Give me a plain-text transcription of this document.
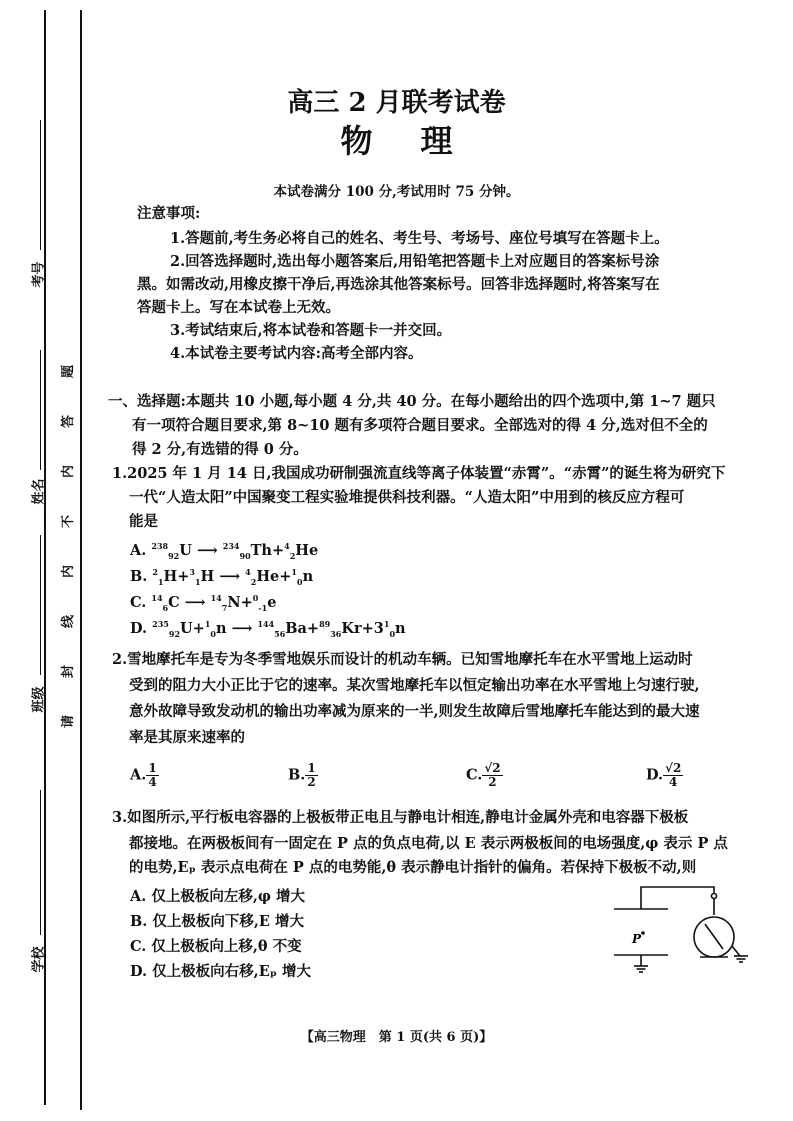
考号
姓名
班级
学校
题
答
内
不
内
线
封
请
高三 2 月联考试卷
物理
本试卷满分 100 分,考试用时 75 分钟。
注意事项:
1.答题前,考生务必将自己的姓名、考生号、考场号、座位号填写在答题卡上。
2.回答选择题时,选出每小题答案后,用铅笔把答题卡上对应题目的答案标号涂
黑。如需改动,用橡皮擦干净后,再选涂其他答案标号。回答非选择题时,将答案写在
答题卡上。写在本试卷上无效。
3.考试结束后,将本试卷和答题卡一并交回。
4.本试卷主要考试内容:高考全部内容。
一、选择题:本题共 10 小题,每小题 4 分,共 40 分。在每小题给出的四个选项中,第 1~7 题只
有一项符合题目要求,第 8~10 题有多项符合题目要求。全部选对的得 4 分,选对但不全的
得 2 分,有选错的得 0 分。
1.2025 年 1 月 14 日,我国成功研制强流直线等离子体装置“赤霄”。“赤霄”的诞生将为研究下
一代“人造太阳”中国聚变工程实验堆提供科技利器。“人造太阳”中用到的核反应方程可
能是
A. $^{238}_{92}$U ⟶ $^{234}_{90}$Th+$^4_2$He
B. $^2_1$H+$^3_1$H ⟶ $^4_2$He+$^1_0$n
C. $^{14}_6$C ⟶ $^{14}_7$N+$^0_{-1}$e
D. $^{235}_{92}$U+$^1_0$n ⟶ $^{144}_{56}Ba+^{89}_{36}Kr+3^1_0n$
2.雪地摩托车是专为冬季雪地娱乐而设计的机动车辆。已知雪地摩托车在水平雪地上运动时
受到的阻力大小正比于它的速率。某次雪地摩托车以恒定输出功率在水平雪地上匀速行驶,
意外故障导致发动机的输出功率减为原来的一半,则发生故障后雪地摩托车能达到的最大速
率是其原来速率的
A. $\frac{1}{4}$	B. $\frac{1}{2}$	C. $\frac{√2}{2}$	D. $\frac{√2}{4}$
3.如图所示,平行板电容器的上极板带正电且与静电计相连,静电计金属外壳和电容器下极板
都接地。在两极板间有一固定在 P 点的负点电荷,以 E 表示两极板间的电场强度,φ 表示 P 点
的电势,Eₚ 表示点电荷在 P 点的电势能,θ 表示静电计指针的偏角。若保持下极板不动,则
A. 仅上极板向左移,φ 增大
B. 仅上极板向下移,E 增大
C. 仅上极板向上移,θ 不变
D. 仅上极板向右移,Eₚ 增大
P
【高三物理　第 1 页(共 6 页)】
